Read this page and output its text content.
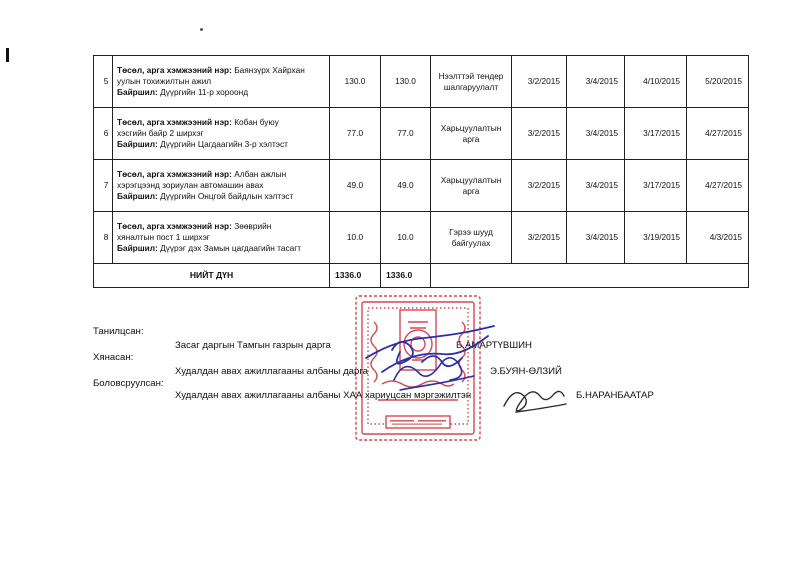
5	Төсөл, арга хэмжээний нэр: Баянзүрх Хайрхан
уулын тохижилтын ажил
Байршил: Дүүргийн 11-р хороонд	130.0	130.0	Нээлттэй тендер
шалгаруулалт	3/2/2015	3/4/2015	4/10/2015	5/20/2015

6	Төсөл, арга хэмжээний нэр: Кобан буюу
хэсгийн байр 2 ширхэг
Байршил: Дүүргийн Цагдаагийн 3-р хэлтэст	77.0	77.0	Харьцуулалтын
арга	3/2/2015	3/4/2015	3/17/2015	4/27/2015

7	Төсөл, арга хэмжээний нэр: Албан ажлын
хэрэгцээнд зориулан автомашин авах
Байршил: Дүүргийн Онцгой байдлын хэлтэст	49.0	49.0	Харьцуулалтын
арга	3/2/2015	3/4/2015	3/17/2015	4/27/2015

8	Төсөл, арга хэмжээний нэр: Зөөврийн
хяналтын пост 1 ширхэг
Байршил: Дүүрэг дэх Замын цагдаагийн тасагт	10.0	10.0	Гэрээ шууд
байгуулах	3/2/2015	3/4/2015	3/19/2015	4/3/2015
НИЙТ ДҮН		1336.0	1336.0					
Танилцсан:
Засаг даргын Тамгын газрын дарга	Б.АМАРТҮВШИН
Хянасан:
Худалдан авах ажиллагааны албаны дарга	Э.БУЯН-ӨЛЗИЙ
Боловсруулсан:
Худалдан авах ажиллагааны албаны ХАА хариуцсан мэргэжилтэн	Б.НАРАНБААТАР
